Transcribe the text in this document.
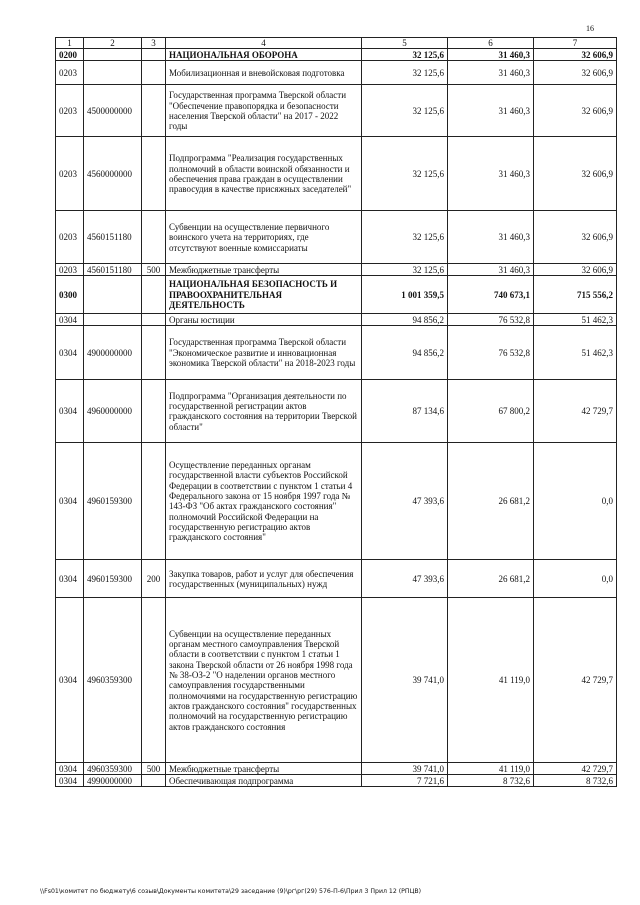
16
1	2	3	4	5	6	7
0200			НАЦИОНАЛЬНАЯ ОБОРОНА	32 125,6	31 460,3	32 606,9
0203			Мобилизационная и вневойсковая подготовка	32 125,6	31 460,3	32 606,9
0203	4500000000		Государственная программа Тверской области "Обеспечение правопорядка и безопасности населения Тверской области" на 2017 - 2022 годы	32 125,6	31 460,3	32 606,9
0203	4560000000		Подпрограмма "Реализация государственных полномочий в области воинской обязанности и обеспечения права граждан в осуществлении правосудия в качестве присяжных заседателей"	32 125,6	31 460,3	32 606,9
0203	4560151180		Субвенции на осуществление первичного воинского учета на территориях, где отсутствуют военные комиссариаты	32 125,6	31 460,3	32 606,9
0203	4560151180	500	Межбюджетные трансферты	32 125,6	31 460,3	32 606,9
0300			НАЦИОНАЛЬНАЯ БЕЗОПАСНОСТЬ И ПРАВООХРАНИТЕЛЬНАЯ ДЕЯТЕЛЬНОСТЬ	1 001 359,5	740 673,1	715 556,2
0304			Органы юстиции	94 856,2	76 532,8	51 462,3
0304	4900000000		Государственная программа Тверской области "Экономическое развитие и инновационная экономика Тверской области" на 2018-2023 годы	94 856,2	76 532,8	51 462,3
0304	4960000000		Подпрограмма "Организация деятельности по государственной регистрации актов гражданского состояния на территории Тверской области"	87 134,6	67 800,2	42 729,7
0304	4960159300		Осуществление переданных органам государственной власти субъектов Российской Федерации в соответствии с пунктом 1 статьи 4 Федерального закона от 15 ноября 1997 года № 143-ФЗ "Об актах гражданского состояния" полномочий Российской Федерации на государственную регистрацию актов гражданского состояния"	47 393,6	26 681,2	0,0
0304	4960159300	200	Закупка товаров, работ и услуг для обеспечения государственных (муниципальных) нужд	47 393,6	26 681,2	0,0
0304	4960359300		Субвенции на осуществление переданных органам местного самоуправления Тверской области в соответствии с пунктом 1 статьи 1 закона Тверской области от 26 ноября 1998 года № 38-ОЗ-2 "О наделении органов местного самоуправления государственными полномочиями на государственную регистрацию актов гражданского состояния" государственных полномочий на государственную регистрацию актов гражданского состояния	39 741,0	41 119,0	42 729,7
0304	4960359300	500	Межбюджетные трансферты	39 741,0	41 119,0	42 729,7
0304	4990000000		Обеспечивающая подпрограмма	7 721,6	8 732,6	8 732,6
\\Fs01\комитет по бюджету\6 созыв\Документы комитета\29 заседание (9)\рг\рг(29) 576-П-6\Прил 3 Прил 12 (РПЦВ)
